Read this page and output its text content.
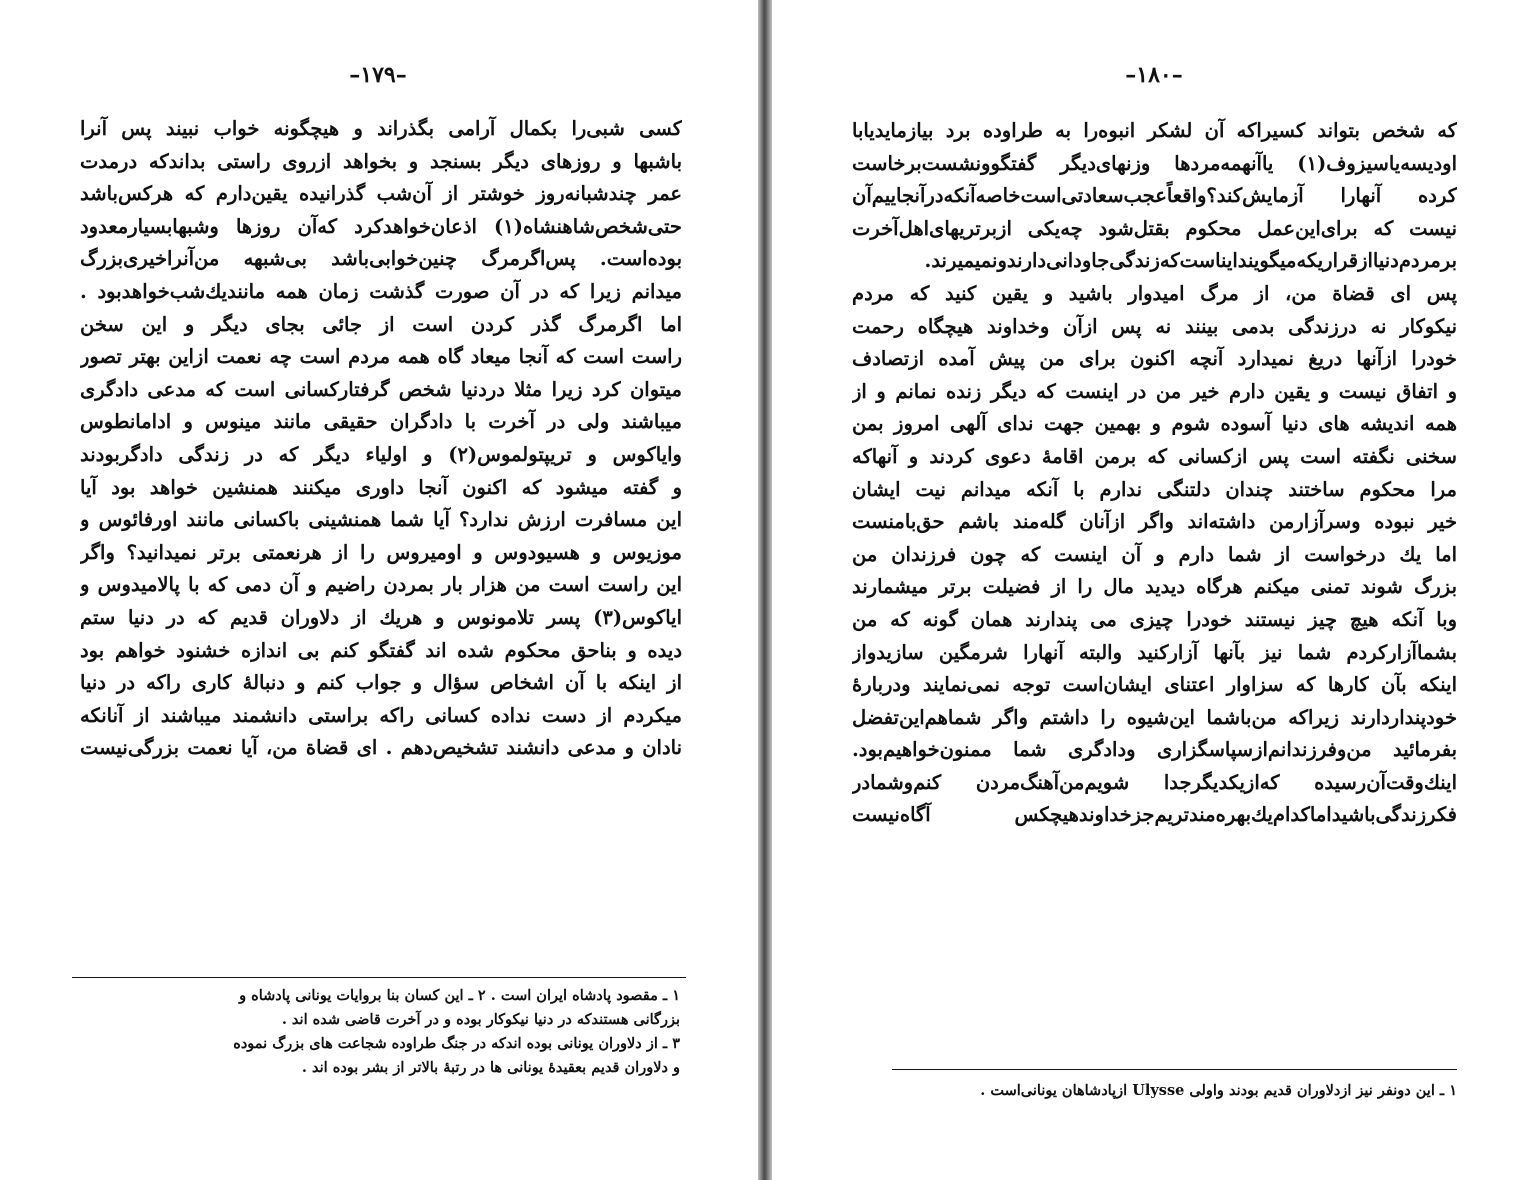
–۱۷۹–
کسی شبی‌را بکمال آرامی بگذراند و هیچگونه خواب نبیند پس آنرا
باشبها و روزهای دیگر بسنجد و بخواهد ازروی راستی بداندکه درمدت
عمر چندشبانه‌روز خوشتر از آن‌شب گذرانیده یقین‌دارم که هرکس‌باشد
حتی‌شخص‌شاهنشاه(۱) اذعان‌خواهد‌کرد که‌آن روزها وشبهابسیارمعدود
بوده‌است. پس‌اگر‌مرگ چنین‌خوابی‌باشد بی‌شبهه من‌آنراخیری‌بزرگ
میدانم زیرا که در آن صورت گذشت زمان همه مانندیك‌شب‌خواهدبود .
اما اگر‌مرگ گذر کردن است از جائی بجای دیگر و این سخن
راست است که آنجا میعاد گاه همه مردم است چه نعمت ازاین بهتر تصور
میتوان کرد زیرا مثلا دردنیا شخص گرفتارکسانی است که مدعی دادگری
میباشند ولی در آخرت با دادگران حقیقی مانند مینوس و ادامانطوس
وایاکوس و تریپتولموس(۲) و اولیاء دیگر که در زندگی دادگربودند
و گفته میشود که اکنون آنجا داوری میکنند همنشین خواهد بود آیا
این مسافرت ارزش ندارد؟ آیا شما همنشینی باکسانی مانند اورفائوس و
موزیوس و هسیودوس و اومیروس را از هرنعمتی برتر نمیدانید؟ واگر
این راست است من هزار بار بمردن راضیم و آن دمی که با پالامیدوس و
ایاکوس(۳) پسر تلامونوس و هریك از دلاوران قدیم که در دنیا ستم
دیده و بناحق محکوم شده اند گفتگو کنم بی اندازه خشنود خواهم بود
از اینکه با آن اشخاص سؤال و جواب کنم و دنبالهٔ کاری راکه در دنیا
میکردم از دست نداده کسانی راکه براستی دانشمند میباشند از آنانکه
نادان و مدعی دانشند تشخیص‌دهم . ای قضاة من، آیا نعمت بزرگی‌نیست
۱ ـ مقصود پادشاه ایران است . ۲ ـ این کسان بنا بروایات یونانی پادشاه و
بزرگانی هستندکه در دنیا نیکوکار بوده و در آخرت قاضی شده اند .
۳ ـ از دلاوران یونانی بوده اندکه در جنگ طراوده شجاعت های بزرگ نموده
و دلاوران قدیم بعقیدهٔ یونانی ها در رتبهٔ بالاتر از بشر بوده اند .
–۱۸۰–
که شخص بتواند کسیراکه آن لشکر انبوه‌را به طراوده برد بیازماید‌یابا
اودیسه‌یاسیزوف(۱) یاآنهمه‌مردها وزنهای‌دیگر گفتگوونشست‌برخاست
کرده آنهارا آزمایش‌کند؟واقعاًعجب‌سعادتی‌است‌خاصه‌آنکه‌درآنجاییم‌آن
نیست که برای‌این‌عمل محکوم بقتل‌شود چه‌یکی ازبرتریهای‌اهل‌آخرت
برمردم‌دنیاازقراریکه‌میگویندایناست‌که‌زندگی‌جاودانی‌دارندونمیمیرند.
پس ای قضاة من، از مرگ امیدوار باشید و یقین کنید که مردم
نیکوکار نه درزندگی بدمی بینند نه پس ازآن وخداوند هیچگاه رحمت
خودرا ازآنها دریغ نمیدارد آنچه اکنون برای من پیش آمده ازتصادف
و اتفاق نیست و یقین دارم خیر من در اینست که دیگر زنده نمانم و از
همه اندیشه های دنیا آسوده شوم و بهمین جهت ندای آلهی امروز بمن
سخنی نگفته است پس ازکسانی که برمن اقامهٔ دعوی کردند و آنهاکه
مرا محکوم ساختند چندان دلتنگی ندارم با آنکه میدانم نیت ایشان
خیر نبوده وسرآزارمن داشته‌اند واگر ازآنان گله‌مند باشم حق‌بامنست
اما یك درخواست از شما دارم و آن اینست که چون فرزندان من
بزرگ شوند تمنی میکنم هرگاه دیدید مال را از فضیلت برتر میشمارند
وبا آنکه هیچ چیز نیستند خودرا چیزی می پندارند همان گونه که من
بشماآزارکردم شما نیز بآنها آزارکنید والبته آنهارا شرمگین سازیدواز
اینکه بآن کارها که سزاوار اعتنای ایشان‌است توجه نمی‌نمایند ودربارهٔ
خودپنداردارند زیراکه من‌باشما این‌شیوه را داشتم واگر شماهم‌این‌تفضل
بفرمائید من‌وفرزندانم‌ازسپاسگزاری ودادگری شما ممنون‌خواهیم‌بود.
اینك‌وقت‌آن‌رسیده که‌ازیکدیگرجدا شویم‌من‌آهنگ‌مردن کنم‌وشمادر
فکرزندگی‌باشیداماکدام‌یك‌بهره‌مندتریم‌جزخداوندهیچکس آگاه‌نیست
۱ ـ این دونفر نیز ازدلاوران قدیم بودند واولی Ulysse ازپادشاهان یونانی‌است .
